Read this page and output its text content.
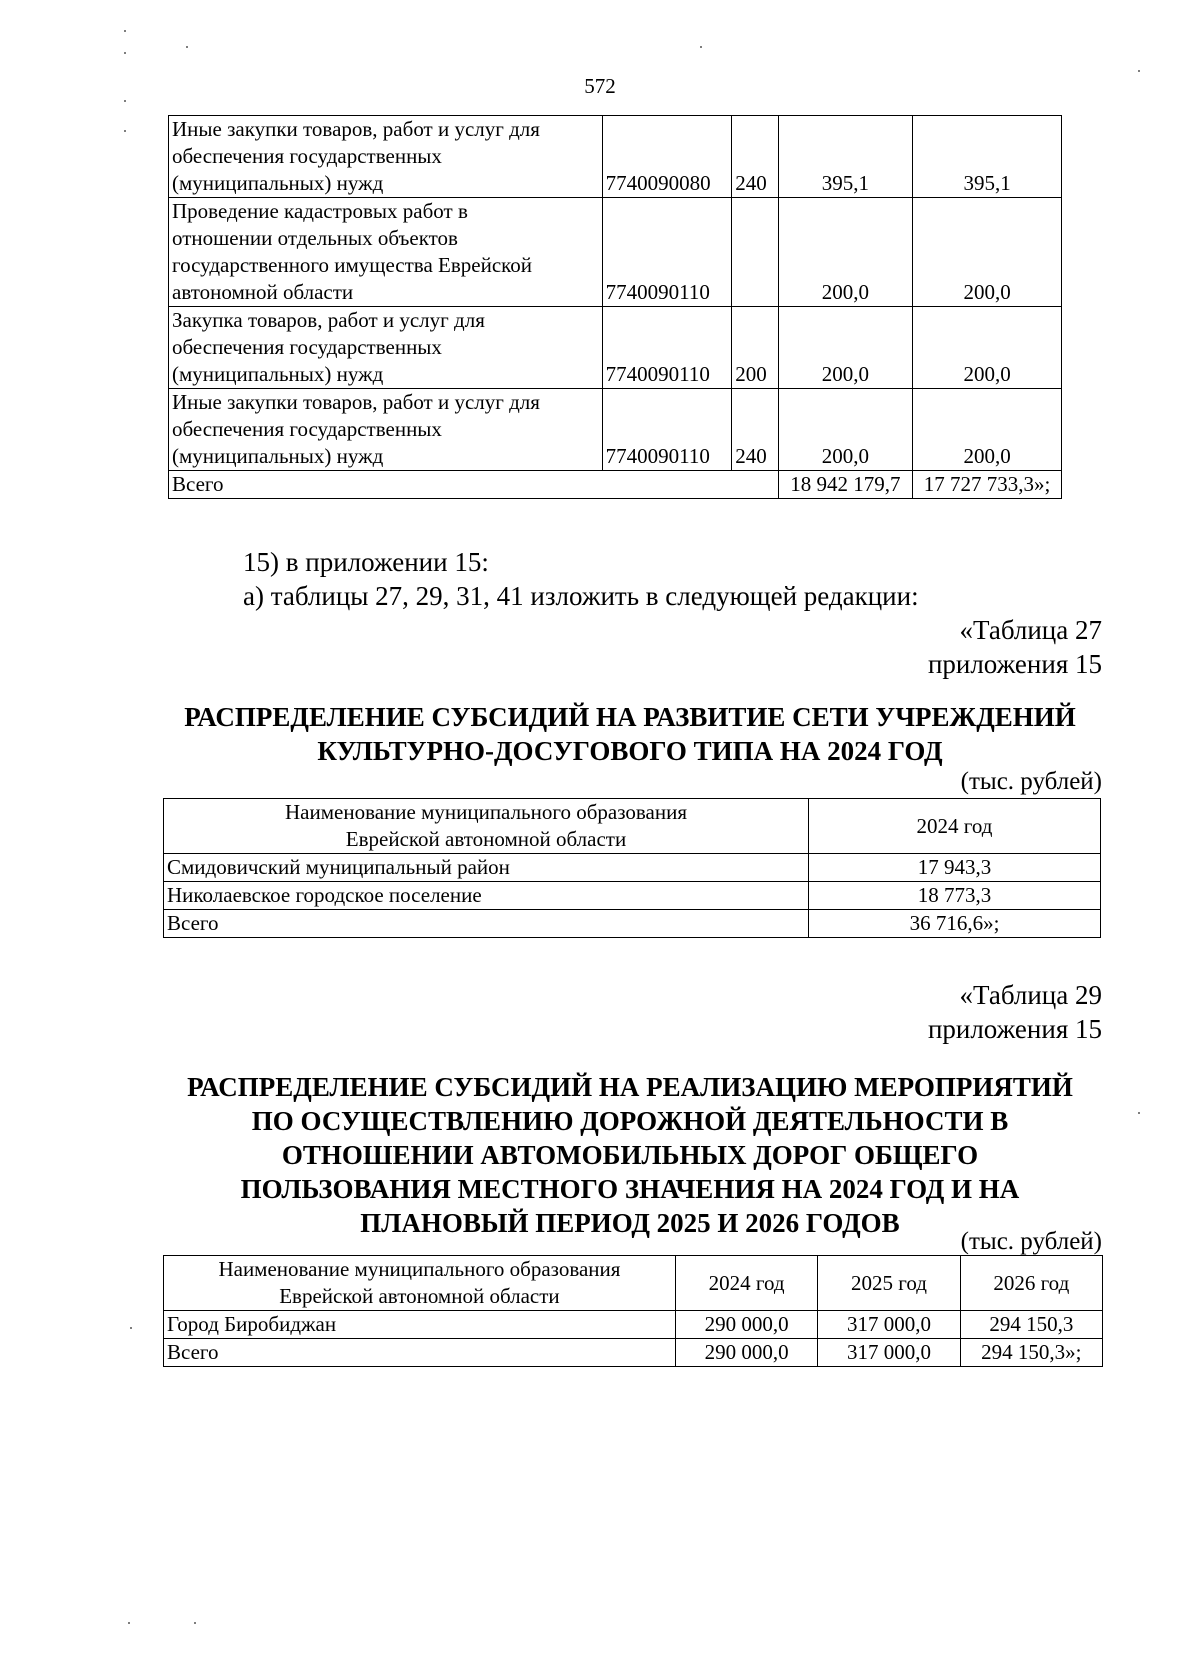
572
Иные закупки товаров, работ и услуг для
обеспечения государственных
(муниципальных) нужд	7740090080	240	395,1	395,1

Проведение кадастровых работ в
отношении отдельных объектов
государственного имущества Еврейской
автономной области	7740090110		200,0	200,0

Закупка товаров, работ и услуг для
обеспечения государственных
(муниципальных) нужд	7740090110	200	200,0	200,0

Иные закупки товаров, работ и услуг для
обеспечения государственных
(муниципальных) нужд	7740090110	240	200,0	200,0
Всего			18 942 179,7	17 727 733,3»;
15) в приложении 15:
а) таблицы 27, 29, 31, 41 изложить в следующей редакции:
«Таблица 27
приложения 15
РАСПРЕДЕЛЕНИЕ СУБСИДИЙ НА РАЗВИТИЕ СЕТИ УЧРЕЖДЕНИЙ
КУЛЬТУРНО-ДОСУГОВОГО ТИПА НА 2024 ГОД
(тыс. рублей)
Наименование муниципального образования
Еврейской автономной области	2024 год
Смидовичский муниципальный район	17 943,3
Николаевское городское поселение	18 773,3
Всего	36 716,6»;
«Таблица 29
приложения 15
РАСПРЕДЕЛЕНИЕ СУБСИДИЙ НА РЕАЛИЗАЦИЮ МЕРОПРИЯТИЙ
ПО ОСУЩЕСТВЛЕНИЮ ДОРОЖНОЙ ДЕЯТЕЛЬНОСТИ В
ОТНОШЕНИИ АВТОМОБИЛЬНЫХ ДОРОГ ОБЩЕГО
ПОЛЬЗОВАНИЯ МЕСТНОГО ЗНАЧЕНИЯ НА 2024 ГОД И НА
ПЛАНОВЫЙ ПЕРИОД 2025 И 2026 ГОДОВ
(тыс. рублей)
Наименование муниципального образования
Еврейской автономной области	2024 год	2025 год	2026 год
Город Биробиджан	290 000,0	317 000,0	294 150,3
Всего	290 000,0	317 000,0	294 150,3»;
